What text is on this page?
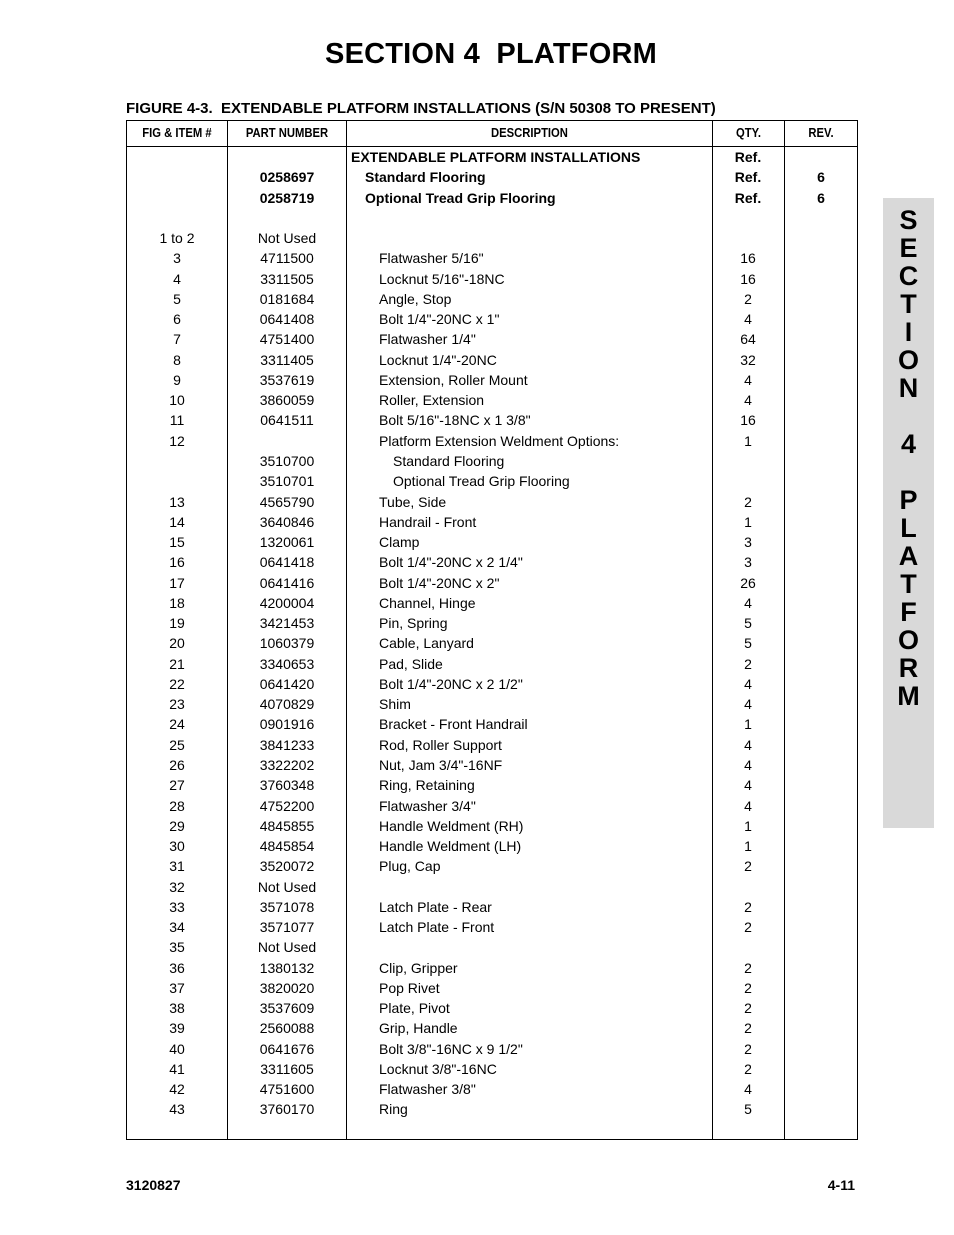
SECTION 4  PLATFORM
FIGURE 4-3.  EXTENDABLE PLATFORM INSTALLATIONS (S/N 50308 TO PRESENT)
FIG & ITEM #	PART NUMBER	DESCRIPTION	QTY.	REV.
EXTENDABLE PLATFORM INSTALLATIONS	Ref.
0258697	Standard Flooring	Ref.	6
0258719	Optional Tread Grip Flooring	Ref.	6
1 to 2	Not Used
3	4711500	Flatwasher 5/16"	16
4	3311505	Locknut 5/16"-18NC	16
5	0181684	Angle, Stop	2
6	0641408	Bolt 1/4"-20NC x 1"	4
7	4751400	Flatwasher 1/4"	64
8	3311405	Locknut 1/4"-20NC	32
9	3537619	Extension, Roller Mount	4
10	3860059	Roller, Extension	4
11	0641511	Bolt 5/16"-18NC x 1 3/8"	16
12	Platform Extension Weldment Options:	1
3510700	Standard Flooring
3510701	Optional Tread Grip Flooring
13	4565790	Tube, Side	2
14	3640846	Handrail - Front	1
15	1320061	Clamp	3
16	0641418	Bolt 1/4"-20NC x 2 1/4"	3
17	0641416	Bolt 1/4"-20NC x 2"	26
18	4200004	Channel, Hinge	4
19	3421453	Pin, Spring	5
20	1060379	Cable, Lanyard	5
21	3340653	Pad, Slide	2
22	0641420	Bolt 1/4"-20NC x 2 1/2"	4
23	4070829	Shim	4
24	0901916	Bracket - Front Handrail	1
25	3841233	Rod, Roller Support	4
26	3322202	Nut, Jam 3/4"-16NF	4
27	3760348	Ring, Retaining	4
28	4752200	Flatwasher 3/4"	4
29	4845855	Handle Weldment (RH)	1
30	4845854	Handle Weldment (LH)	1
31	3520072	Plug, Cap	2
32	Not Used
33	3571078	Latch Plate - Rear	2
34	3571077	Latch Plate - Front	2
35	Not Used
36	1380132	Clip, Gripper	2
37	3820020	Pop Rivet	2
38	3537609	Plate, Pivot	2
39	2560088	Grip, Handle	2
40	0641676	Bolt 3/8"-16NC x 9 1/2"	2
41	3311605	Locknut 3/8"-16NC	2
42	4751600	Flatwasher 3/8"	4
43	3760170	Ring	5
S
E
C
T
I
O
N
4
P
L
A
T
F
O
R
M
3120827	4-11
